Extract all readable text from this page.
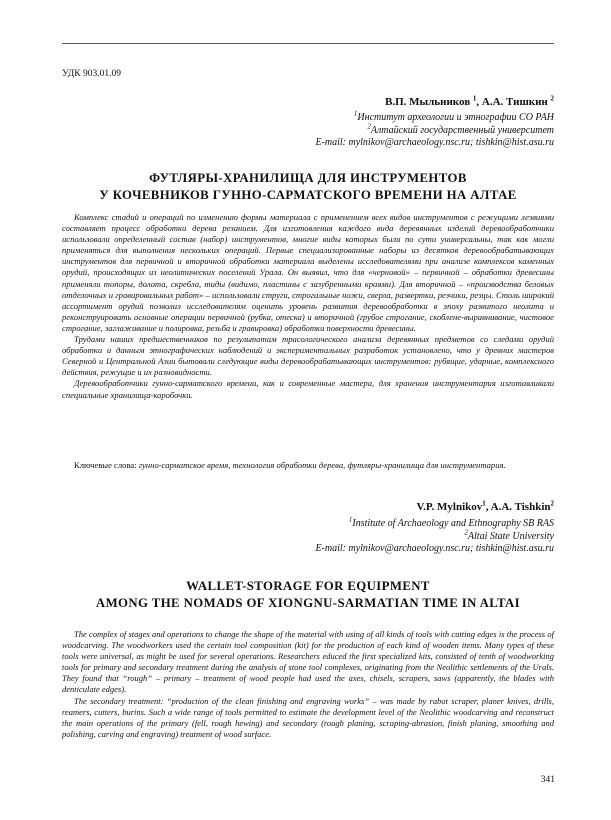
УДК 903.01.09
В.П. Мыльников $^1$, А.А. Тишкин $^2$
$^1$Институт археологии и этнографии СО РАН
$^2$Алтайский государственный университет
E-mail: mylnikov@archaeology.nsc.ru; tishkin@hist.asu.ru
ФУТЛЯРЫ-ХРАНИЛИЩА ДЛЯ ИНСТРУМЕНТОВ
У КОЧЕВНИКОВ ГУННО-САРМАТСКОГО ВРЕМЕНИ НА АЛТАЕ

Комплекс стадий и операций по изменению формы материала с применением всех видов инструментов с режущими лезвиями составляет процесс обработки дерева резанием. Для изготовления каждого вида деревянных изделий деревообработчики использовали определенный состав (набор) инструментов, многие виды которых были по сути универсальны, так как могли применяться для выполнения нескольких операций. Первые специализированные наборы из десятков деревообрабатывающих инструментов для первичной и вторичной обработки материала выделены исследователями при анализе комплексов каменных орудий, происходящих из неолитических поселений Урала. Он выявил, что для «черновой» – первичной – обработки древесины применяли топоры, долота, скребла, тиды (видимо, пластины с зазубренными краями). Для вторичной – «производства беловых отделочных и гравировальных работ» – использовали струги, строгальные ножи, сверла, развертки, резчики, резцы. Столь широкий ассортимент орудий позволил исследователям оценить уровень развития деревообработки в эпоху развитого неолита и реконструировать основные операции первичной (рубка, отеска) и вторичной (грубое строгание, скоблене-выравнивание, чистовое строгание, заглаживание и полировка, резьба и гравировка) обработки поверхности древесины.

Трудами наших предшественников по результатам трасологического анализа деревянных предметов со следами орудий обработки и данным этнографических наблюдений и экспериментальных разработок установлено, что у древних мастеров Северной и Центральной Азии бытовали следующие виды деревообрабатывающих инструментов: рубящие, ударные, комплексного действия, режущие и их разновидности.

Деревообработчики гунно-сарматского времени, как и современные мастера, для хранения инструментария изготавливали специальные хранилища-коробочки.

Ключевые слова: гунно-сарматское время, технология обработки дерева, футляры-хранилища для инструментария.
V.P. Mylnikov$^1$, A.A. Tishkin$^2$
$^1$Institute of Archaeology and Ethnography SB RAS
$^2$Altai State University
E-mail: mylnikov@archaeology.nsc.ru; tishkin@hist.asu.ru
WALLET-STORAGE FOR EQUIPMENT
AMONG THE NOMADS OF XIONGNU-SARMATIAN TIME IN ALTAI

The complex of stages and operations to change the shape of the material with using of all kinds of tools with cutting edges is the process of woodcarving. The woodworkers used the certain tool composition (kit) for the production of each kind of wooden items. Many types of these tools were universal, as might be used for several operations. Researchers educed the first specialized kits, consisted of tenth of woodworking tools for primary and secondary treatment during the analysis of stone tool complexes, originating from the Neolithic settlements of the Urals. They found that “rough” – primary – treatment of wood people had used the axes, chisels, scrapers, saws (apparently, the blades with denticulate edges).

The secondary treatment: “production of the clean finishing and engraving works” – was made by rabot scraper, planer knives, drills, reamers, cutters, burins. Such a wide range of tools permitted to estimate the development level of the Neolithic woodcarving and reconstruct the main operations of the primary (fell, rough hewing) and secondary (rough planing, scraping-abrasion, finish planing, smoothing and polishing, carving and engraving) treatment of wood surface.

341
